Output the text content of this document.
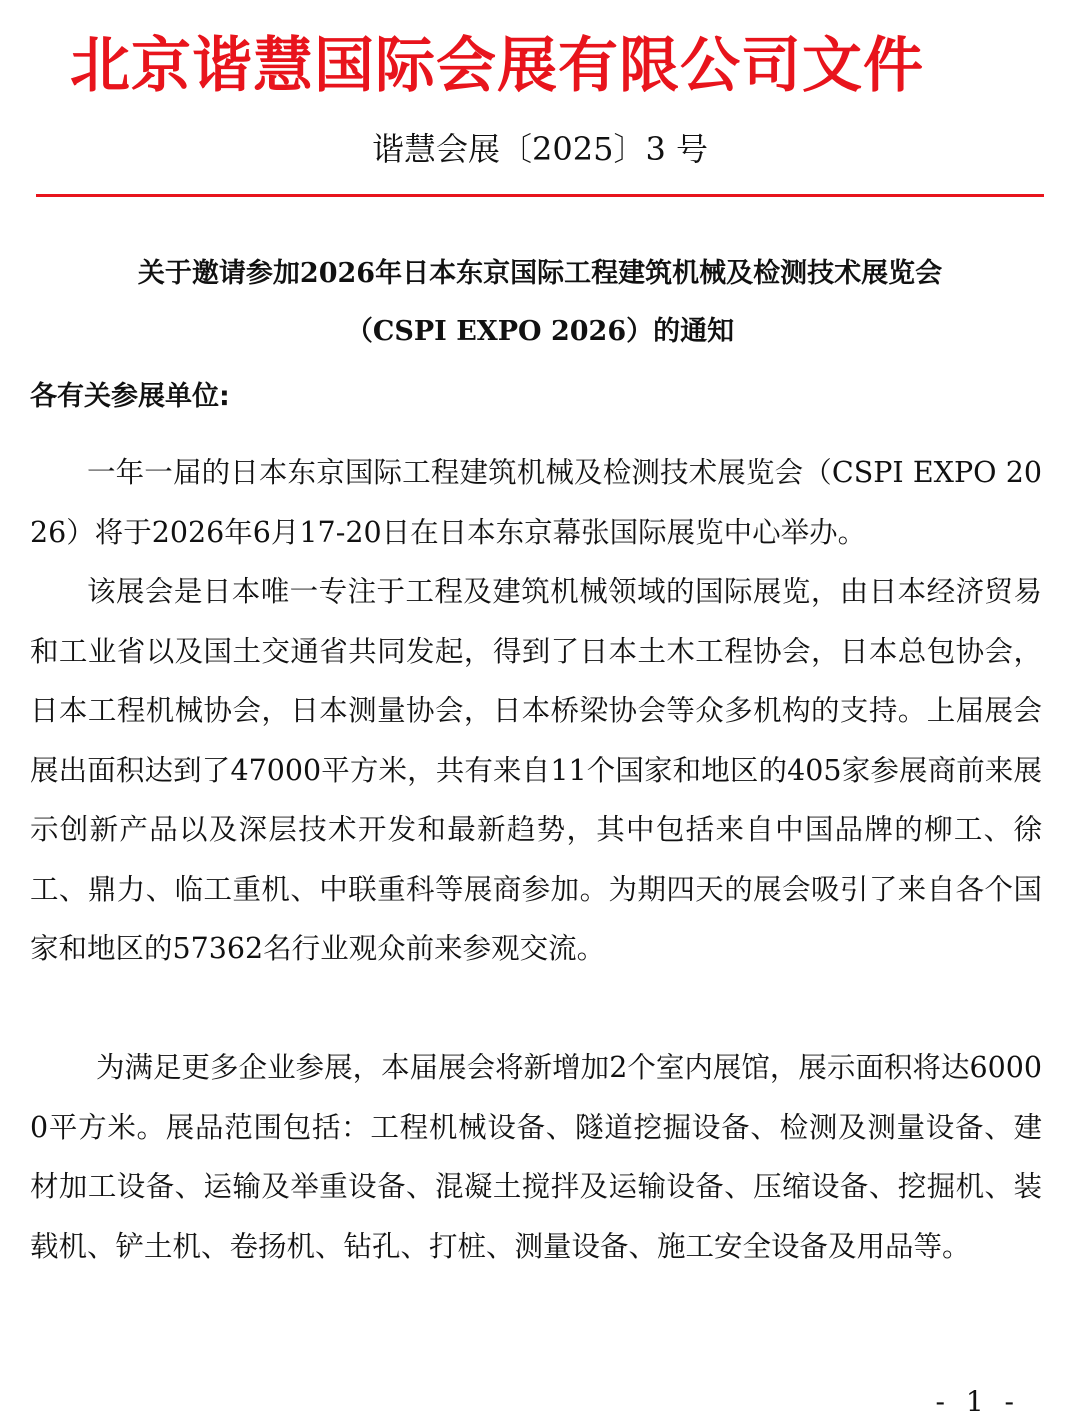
北京谐慧国际会展有限公司文件
谐慧会展〔2025〕3 号
关于邀请参加2026年日本东京国际工程建筑机械及检测技术展览会
（CSPI EXPO 2026）的通知
各有关参展单位:

一年一届的日本东京国际工程建筑机械及检测技术展览会（CSPI EXPO 2026）将于2026年6月17-20日在日本东京幕张国际展览中心举办。

该展会是日本唯一专注于工程及建筑机械领域的国际展览，由日本经济贸易和工业省以及国土交通省共同发起，得到了日本土木工程协会，日本总包协会，日本工程机械协会，日本测量协会，日本桥梁协会等众多机构的支持。上届展会展出面积达到了47000平方米，共有来自11个国家和地区的405家参展商前来展示创新产品以及深层技术开发和最新趋势，其中包括来自中国品牌的柳工、徐工、鼎力、临工重机、中联重科等展商参加。为期四天的展会吸引了来自各个国家和地区的57362名行业观众前来参观交流。

为满足更多企业参展，本届展会将新增加2个室内展馆，展示面积将达60000平方米。展品范围包括：工程机械设备、隧道挖掘设备、检测及测量设备、建材加工设备、运输及举重设备、混凝土搅拌及运输设备、压缩设备、挖掘机、装载机、铲土机、卷扬机、钻孔、打桩、测量设备、施工安全设备及用品等。

- 1 -
